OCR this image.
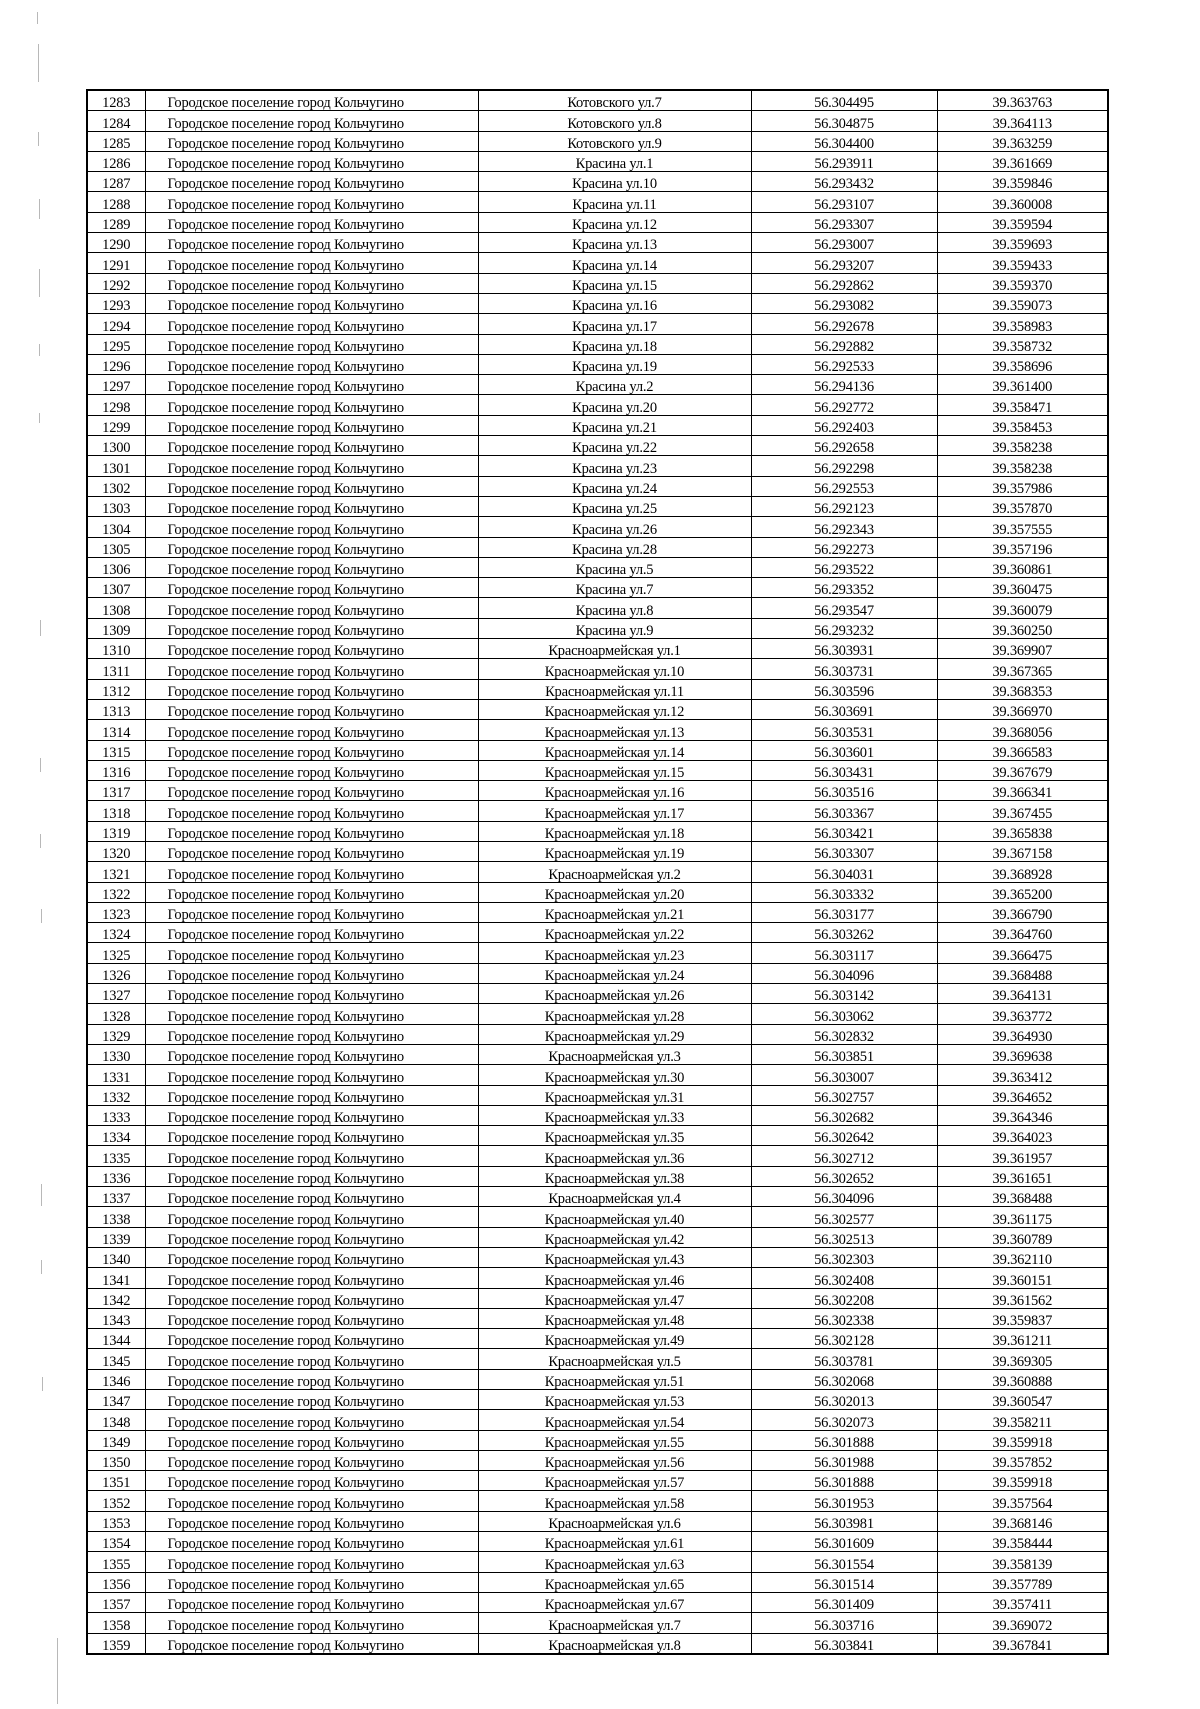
1283	Городское поселение город Кольчугино	Котовского ул.7	56.304495	39.363763
1284	Городское поселение город Кольчугино	Котовского ул.8	56.304875	39.364113
1285	Городское поселение город Кольчугино	Котовского ул.9	56.304400	39.363259
1286	Городское поселение город Кольчугино	Красина ул.1	56.293911	39.361669
1287	Городское поселение город Кольчугино	Красина ул.10	56.293432	39.359846
1288	Городское поселение город Кольчугино	Красина ул.11	56.293107	39.360008
1289	Городское поселение город Кольчугино	Красина ул.12	56.293307	39.359594
1290	Городское поселение город Кольчугино	Красина ул.13	56.293007	39.359693
1291	Городское поселение город Кольчугино	Красина ул.14	56.293207	39.359433
1292	Городское поселение город Кольчугино	Красина ул.15	56.292862	39.359370
1293	Городское поселение город Кольчугино	Красина ул.16	56.293082	39.359073
1294	Городское поселение город Кольчугино	Красина ул.17	56.292678	39.358983
1295	Городское поселение город Кольчугино	Красина ул.18	56.292882	39.358732
1296	Городское поселение город Кольчугино	Красина ул.19	56.292533	39.358696
1297	Городское поселение город Кольчугино	Красина ул.2	56.294136	39.361400
1298	Городское поселение город Кольчугино	Красина ул.20	56.292772	39.358471
1299	Городское поселение город Кольчугино	Красина ул.21	56.292403	39.358453
1300	Городское поселение город Кольчугино	Красина ул.22	56.292658	39.358238
1301	Городское поселение город Кольчугино	Красина ул.23	56.292298	39.358238
1302	Городское поселение город Кольчугино	Красина ул.24	56.292553	39.357986
1303	Городское поселение город Кольчугино	Красина ул.25	56.292123	39.357870
1304	Городское поселение город Кольчугино	Красина ул.26	56.292343	39.357555
1305	Городское поселение город Кольчугино	Красина ул.28	56.292273	39.357196
1306	Городское поселение город Кольчугино	Красина ул.5	56.293522	39.360861
1307	Городское поселение город Кольчугино	Красина ул.7	56.293352	39.360475
1308	Городское поселение город Кольчугино	Красина ул.8	56.293547	39.360079
1309	Городское поселение город Кольчугино	Красина ул.9	56.293232	39.360250
1310	Городское поселение город Кольчугино	Красноармейская ул.1	56.303931	39.369907
1311	Городское поселение город Кольчугино	Красноармейская ул.10	56.303731	39.367365
1312	Городское поселение город Кольчугино	Красноармейская ул.11	56.303596	39.368353
1313	Городское поселение город Кольчугино	Красноармейская ул.12	56.303691	39.366970
1314	Городское поселение город Кольчугино	Красноармейская ул.13	56.303531	39.368056
1315	Городское поселение город Кольчугино	Красноармейская ул.14	56.303601	39.366583
1316	Городское поселение город Кольчугино	Красноармейская ул.15	56.303431	39.367679
1317	Городское поселение город Кольчугино	Красноармейская ул.16	56.303516	39.366341
1318	Городское поселение город Кольчугино	Красноармейская ул.17	56.303367	39.367455
1319	Городское поселение город Кольчугино	Красноармейская ул.18	56.303421	39.365838
1320	Городское поселение город Кольчугино	Красноармейская ул.19	56.303307	39.367158
1321	Городское поселение город Кольчугино	Красноармейская ул.2	56.304031	39.368928
1322	Городское поселение город Кольчугино	Красноармейская ул.20	56.303332	39.365200
1323	Городское поселение город Кольчугино	Красноармейская ул.21	56.303177	39.366790
1324	Городское поселение город Кольчугино	Красноармейская ул.22	56.303262	39.364760
1325	Городское поселение город Кольчугино	Красноармейская ул.23	56.303117	39.366475
1326	Городское поселение город Кольчугино	Красноармейская ул.24	56.304096	39.368488
1327	Городское поселение город Кольчугино	Красноармейская ул.26	56.303142	39.364131
1328	Городское поселение город Кольчугино	Красноармейская ул.28	56.303062	39.363772
1329	Городское поселение город Кольчугино	Красноармейская ул.29	56.302832	39.364930
1330	Городское поселение город Кольчугино	Красноармейская ул.3	56.303851	39.369638
1331	Городское поселение город Кольчугино	Красноармейская ул.30	56.303007	39.363412
1332	Городское поселение город Кольчугино	Красноармейская ул.31	56.302757	39.364652
1333	Городское поселение город Кольчугино	Красноармейская ул.33	56.302682	39.364346
1334	Городское поселение город Кольчугино	Красноармейская ул.35	56.302642	39.364023
1335	Городское поселение город Кольчугино	Красноармейская ул.36	56.302712	39.361957
1336	Городское поселение город Кольчугино	Красноармейская ул.38	56.302652	39.361651
1337	Городское поселение город Кольчугино	Красноармейская ул.4	56.304096	39.368488
1338	Городское поселение город Кольчугино	Красноармейская ул.40	56.302577	39.361175
1339	Городское поселение город Кольчугино	Красноармейская ул.42	56.302513	39.360789
1340	Городское поселение город Кольчугино	Красноармейская ул.43	56.302303	39.362110
1341	Городское поселение город Кольчугино	Красноармейская ул.46	56.302408	39.360151
1342	Городское поселение город Кольчугино	Красноармейская ул.47	56.302208	39.361562
1343	Городское поселение город Кольчугино	Красноармейская ул.48	56.302338	39.359837
1344	Городское поселение город Кольчугино	Красноармейская ул.49	56.302128	39.361211
1345	Городское поселение город Кольчугино	Красноармейская ул.5	56.303781	39.369305
1346	Городское поселение город Кольчугино	Красноармейская ул.51	56.302068	39.360888
1347	Городское поселение город Кольчугино	Красноармейская ул.53	56.302013	39.360547
1348	Городское поселение город Кольчугино	Красноармейская ул.54	56.302073	39.358211
1349	Городское поселение город Кольчугино	Красноармейская ул.55	56.301888	39.359918
1350	Городское поселение город Кольчугино	Красноармейская ул.56	56.301988	39.357852
1351	Городское поселение город Кольчугино	Красноармейская ул.57	56.301888	39.359918
1352	Городское поселение город Кольчугино	Красноармейская ул.58	56.301953	39.357564
1353	Городское поселение город Кольчугино	Красноармейская ул.6	56.303981	39.368146
1354	Городское поселение город Кольчугино	Красноармейская ул.61	56.301609	39.358444
1355	Городское поселение город Кольчугино	Красноармейская ул.63	56.301554	39.358139
1356	Городское поселение город Кольчугино	Красноармейская ул.65	56.301514	39.357789
1357	Городское поселение город Кольчугино	Красноармейская ул.67	56.301409	39.357411
1358	Городское поселение город Кольчугино	Красноармейская ул.7	56.303716	39.369072
1359	Городское поселение город Кольчугино	Красноармейская ул.8	56.303841	39.367841
